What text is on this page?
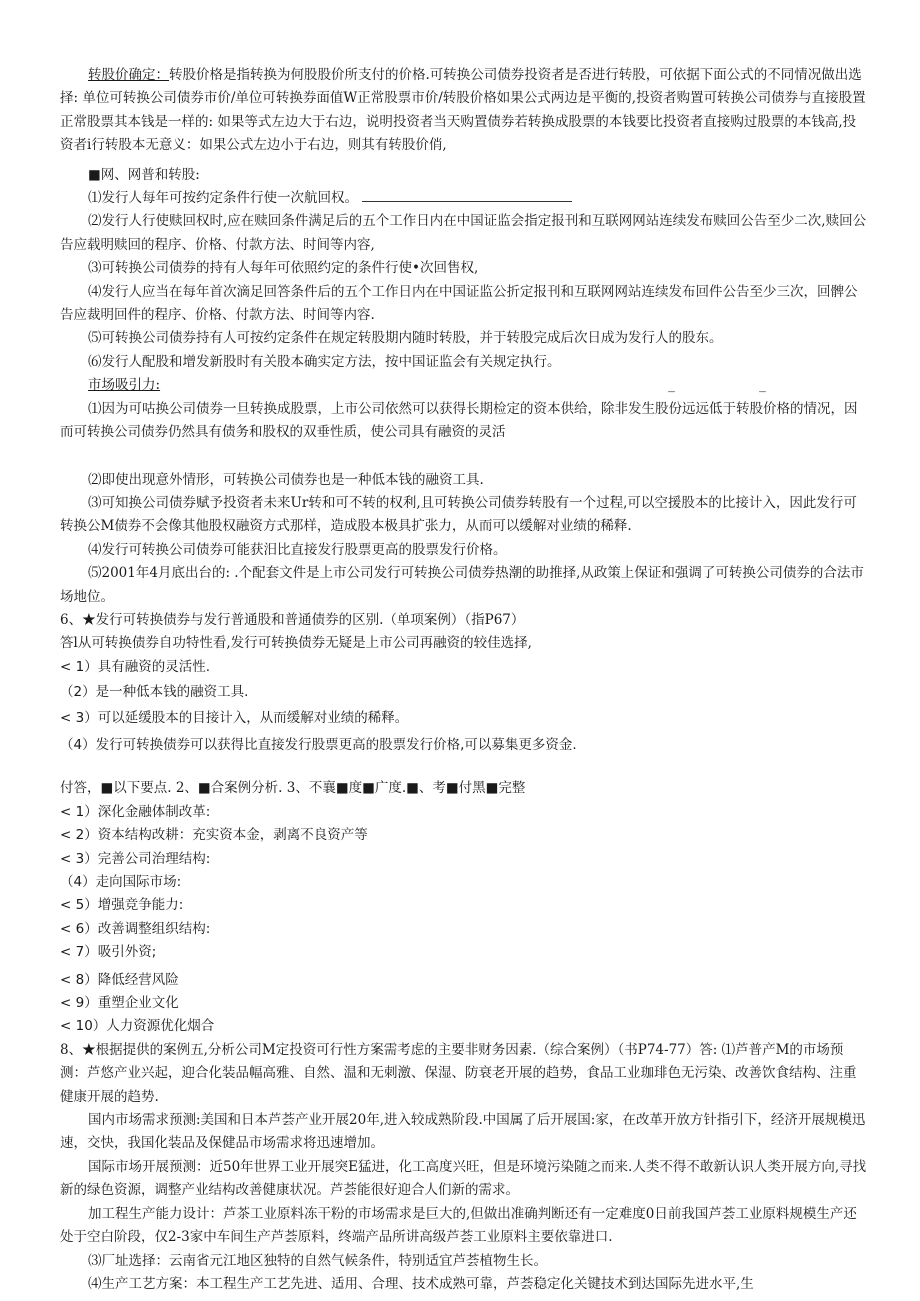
转股价确定：转股价格是指转换为何股股价所支付的价格.可转换公司债券投资者是否进行转股，可依据下面公式的不同情况做出选择: 单位可转换公司债券市价/单位可转换券面值W正常股票市价/转股价格如果公式两边是平衡的,投资者购置可转换公司债券与直接股置正常股票其本钱是一样的: 如果等式左边大于右边，说明投资者当天购置债券若转换成股票的本钱要比投资者直接购过股票的本钱高,投资者i行转股本无意义：如果公式左边小于右边，则其有转股价俏,

■网、网普和转股:

⑴发行人每年可按约定条件行使一次航回权。

⑵发行人行使赎回权时,应在赎回条件满足后的五个工作日内在中国证监会指定报刊和互联网网站连续发布赎回公告至少二次,赎回公告应载明赎回的程序、价格、付款方法、时间等内容,

⑶可转换公司债券的持有人每年可依照约定的条件行使•次回售权,

⑷发行人应当在每年首次滴足回答条件后的五个工作日内在中国证监公折定报刊和互联网网站连续发布回件公告至少三次，回髀公告应裁明回件的程序、价格、付款方法、时间等内容.

⑸可转换公司债券持有人可按约定条件在规定转股期内随时转股，并于转股完成后次日成为发行人的股东。

⑹发行人配股和增发新股时有关股本确实定方法，按中国证监会有关规定执行。

市场吸引力:	_ _

⑴因为可咕换公司债券一旦转换成股票，上市公司依然可以获得长期检定的资本供给，除非发生股份远远低于转股价格的情况，因而可转换公司债券仍然具有债务和股权的双垂性质，使公司具有融资的灵活

⑵即使出现意外情形，可转换公司债券也是一种低本钱的融资工具.

⑶可知换公司债券赋予投资者未来Ur转和可不转的权利,且可转换公司债券转股有一个过程,可以空援股本的比接计入，因此发行可转换公M债券不会像其他股权融资方式那样，造成股本极具扩张力，从而可以缓解对业绩的稀释.

⑷发行可转换公司债券可能获汨比直接发行股票更高的股票发行价格。

⑸2001年4月底出台的: .个配套文件是上市公司发行可转换公司债券热潮的助推择,从政策上保证和强调了可转换公司债券的合法市场地位。

6、★发行可转换债券与发行普通股和普通债券的区别.（单项案例）（指P67）

答l从可转换债券自功特性看,发行可转换债券无疑是上市公司再融资的较佳选择,

< 1）具有融资的灵活性.

（2）是一种低本钱的融资工具.

< 3）可以延缓股本的目接计入，从而缓解对业绩的稀释。

（4）发行可转换债券可以获得比直接发行股票更高的股票发行价格,可以募集更多资金.

付答，■以下要点. 2、■合案例分析. 3、不襄■度■广度.■、考■付黑■完整

< 1）深化金融体制改革:

< 2）资本结构改耕：充实资本金，剥离不良资产等

< 3）完善公司治理结构:

（4）走向国际市场:

< 5）增强竞争能力:

< 6）改善调整组织结构:

< 7）吸引外资;

< 8）降低经营风险

< 9）重塑企业文化

< 10）人力资源优化烟合

8、★根据提供的案例五,分析公司M定投资可行性方案需考虑的主要非财务因素.（综合案例）（书P74-77）答: ⑴芦普产M的市场预测：芦悠产业兴起，迎合化装品幅高雅、自然、温和无刺激、保湿、防衰老开展的趋势，食品工业珈琲色无污染、改善饮食结构、注重健康开展的趋势.

国内市场需求预测:美国和日本芦荟产业开展20年,进入较成熟阶段.中国属了后开展国:家，在改革开放方针指引下，经济开展规模迅速，交快，我国化装品及保健品市场需求将迅速增加。

国际市场开展预测：近50年世界工业开展突E猛进，化工高度兴旺，但是环境污染随之而来.人类不得不敢新认识人类开展方向,寻找新的绿色资源，调整产业结构改善健康状况。芦荟能很好迎合人们新的需求。

加工程生产能力设计：芦茶工业原料冻干粉的市场需求是巨大的,但做出准确判断还有一定难度0日前我国芦荟工业原料规模生产还处于空白阶段，仅2-3家中车间生产芦荟原料，终端产品所讲高级芦荟工业原料主要依靠进口.

⑶厂址选择：云南省元江地区独特的自然气候条件，特别适宜芦荟植物生长。

⑷生产工艺方案：本工程生产工艺先进、适用、合理、技术成熟可靠，芦荟稳定化关键技术到达国际先进水平,生
